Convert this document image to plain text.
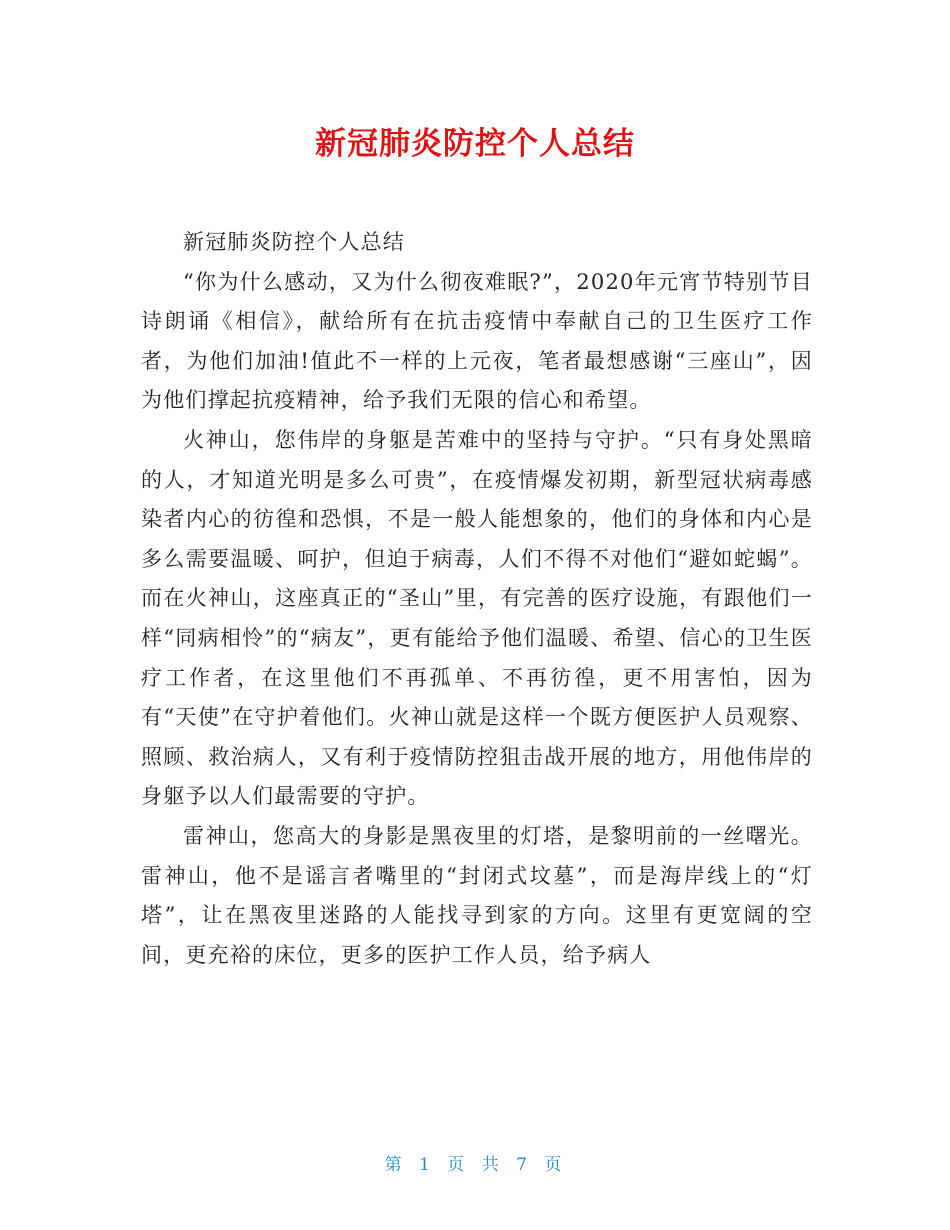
新冠肺炎防控个人总结

新冠肺炎防控个人总结

“你为什么感动，又为什么彻夜难眠?”，2020年元宵节特别节目诗朗诵《相信》，献给所有在抗击疫情中奉献自己的卫生医疗工作者，为他们加油!值此不一样的上元夜，笔者最想感谢“三座山”，因为他们撑起抗疫精神，给予我们无限的信心和希望。

火神山，您伟岸的身躯是苦难中的坚持与守护。“只有身处黑暗的人，才知道光明是多么可贵”，在疫情爆发初期，新型冠状病毒感染者内心的彷徨和恐惧，不是一般人能想象的，他们的身体和内心是多么需要温暖、呵护，但迫于病毒，人们不得不对他们“避如蛇蝎”。而在火神山，这座真正的“圣山”里，有完善的医疗设施，有跟他们一样“同病相怜”的“病友”，更有能给予他们温暖、希望、信心的卫生医疗工作者，在这里他们不再孤单、不再彷徨，更不用害怕，因为有“天使”在守护着他们。火神山就是这样一个既方便医护人员观察、照顾、救治病人，又有利于疫情防控狙击战开展的地方，用他伟岸的身躯予以人们最需要的守护。

雷神山，您高大的身影是黑夜里的灯塔，是黎明前的一丝曙光。雷神山，他不是谣言者嘴里的“封闭式坟墓”，而是海岸线上的“灯塔”，让在黑夜里迷路的人能找寻到家的方向。这里有更宽阔的空间，更充裕的床位，更多的医护工作人员，给予病人

第 1 页 共 7 页
